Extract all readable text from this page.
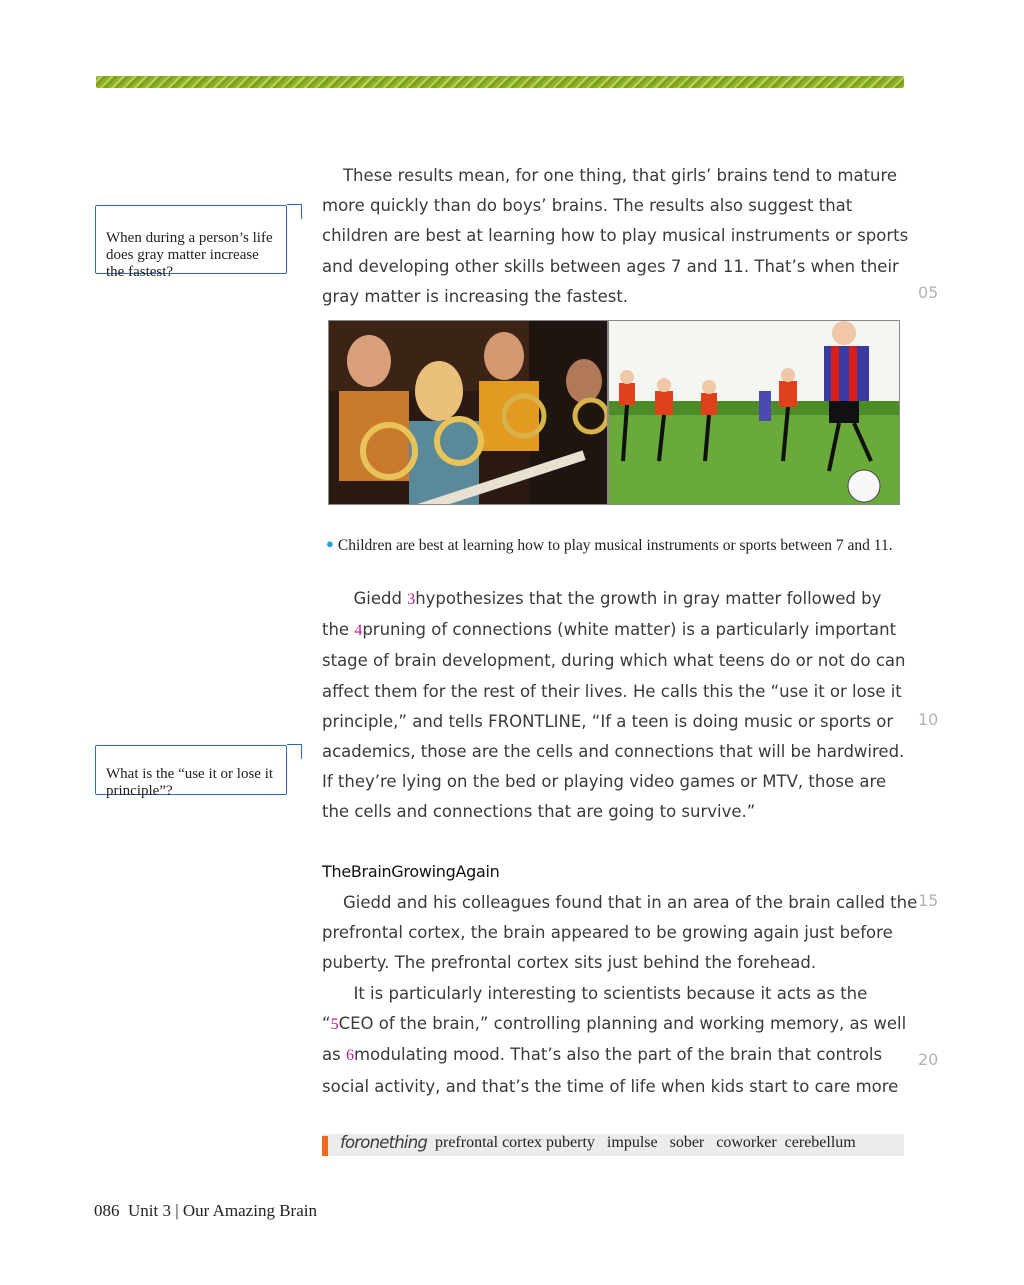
These results mean, for one thing, that girls’ brains tend to mature
more quickly than do boys’ brains. The results also suggest that
children are best at learning how to play musical instruments or sports
and developing other skills between ages 7 and 11. That’s when their
gray matter is increasing the fastest.	05
When during a person’s life
does gray matter increase
the fastest?
● Children are best at learning how to play musical instruments or sports between 7 and 11.
Giedd 3hypothesizes that the growth in gray matter followed by
the 4pruning of connections (white matter) is a particularly important
stage of brain development, during which what teens do or not do can
affect them for the rest of their lives. He calls this the “use it or lose it
principle,” and tells FRONTLINE, “If a teen is doing music or sports or
academics, those are the cells and connections that will be hardwired.
If they’re lying on the bed or playing video games or MTV, those are
the cells and connections that are going to survive.”
10
What is the “use it or lose it
principle”?
TheBrainGrowingAgain
Giedd and his colleagues found that in an area of the brain called the
prefrontal cortex, the brain appeared to be growing again just before
puberty. The prefrontal cortex sits just behind the forehead.
15
It is particularly interesting to scientists because it acts as the
“5CEO of the brain,” controlling planning and working memory, as well
as 6modulating mood. That’s also the part of the brain that controls
social activity, and that’s the time of life when kids start to care more
20
foronething prefrontal cortex puberty   impulse   sober   coworker  cerebellum
086 Unit 3 | Our Amazing Brain
